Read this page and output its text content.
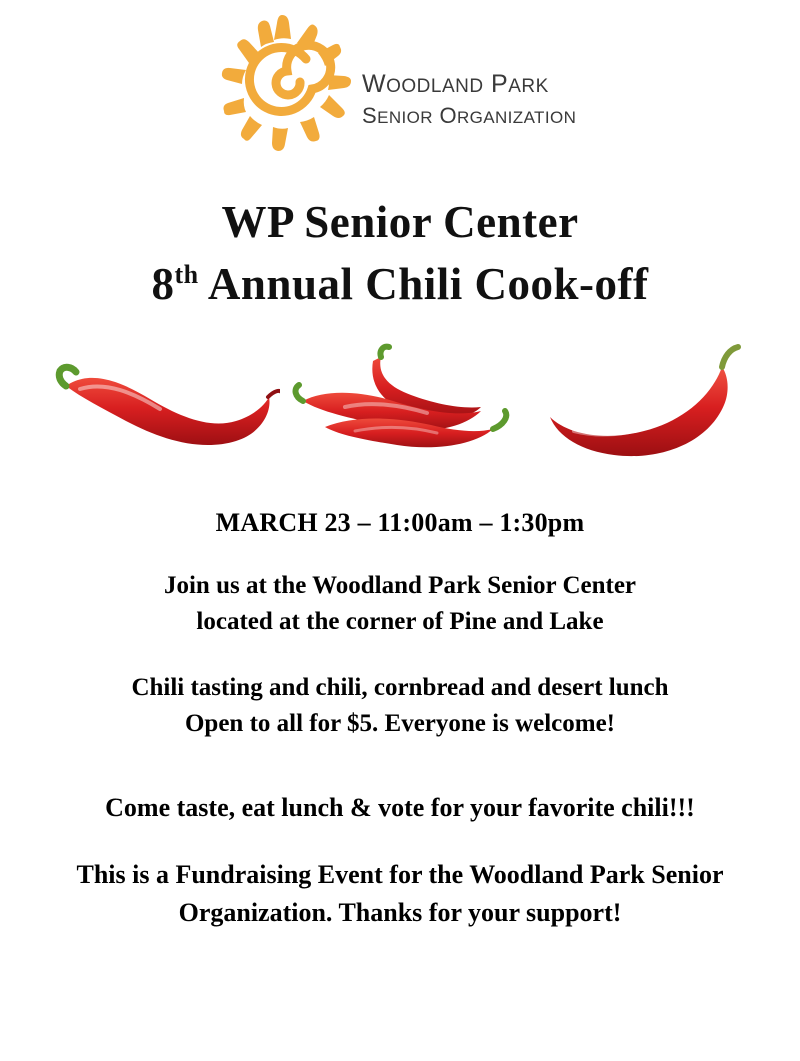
WOODLAND PARK
SENIOR ORGANIZATION
WP Senior Center
8th Annual Chili Cook-off
MARCH 23 – 11:00am – 1:30pm
Join us at the Woodland Park Senior Center
located at the corner of Pine and Lake
Chili tasting and chili, cornbread and desert lunch
Open to all for $5. Everyone is welcome!
Come taste, eat lunch & vote for your favorite chili!!!
This is a Fundraising Event for the Woodland Park Senior
Organization. Thanks for your support!
